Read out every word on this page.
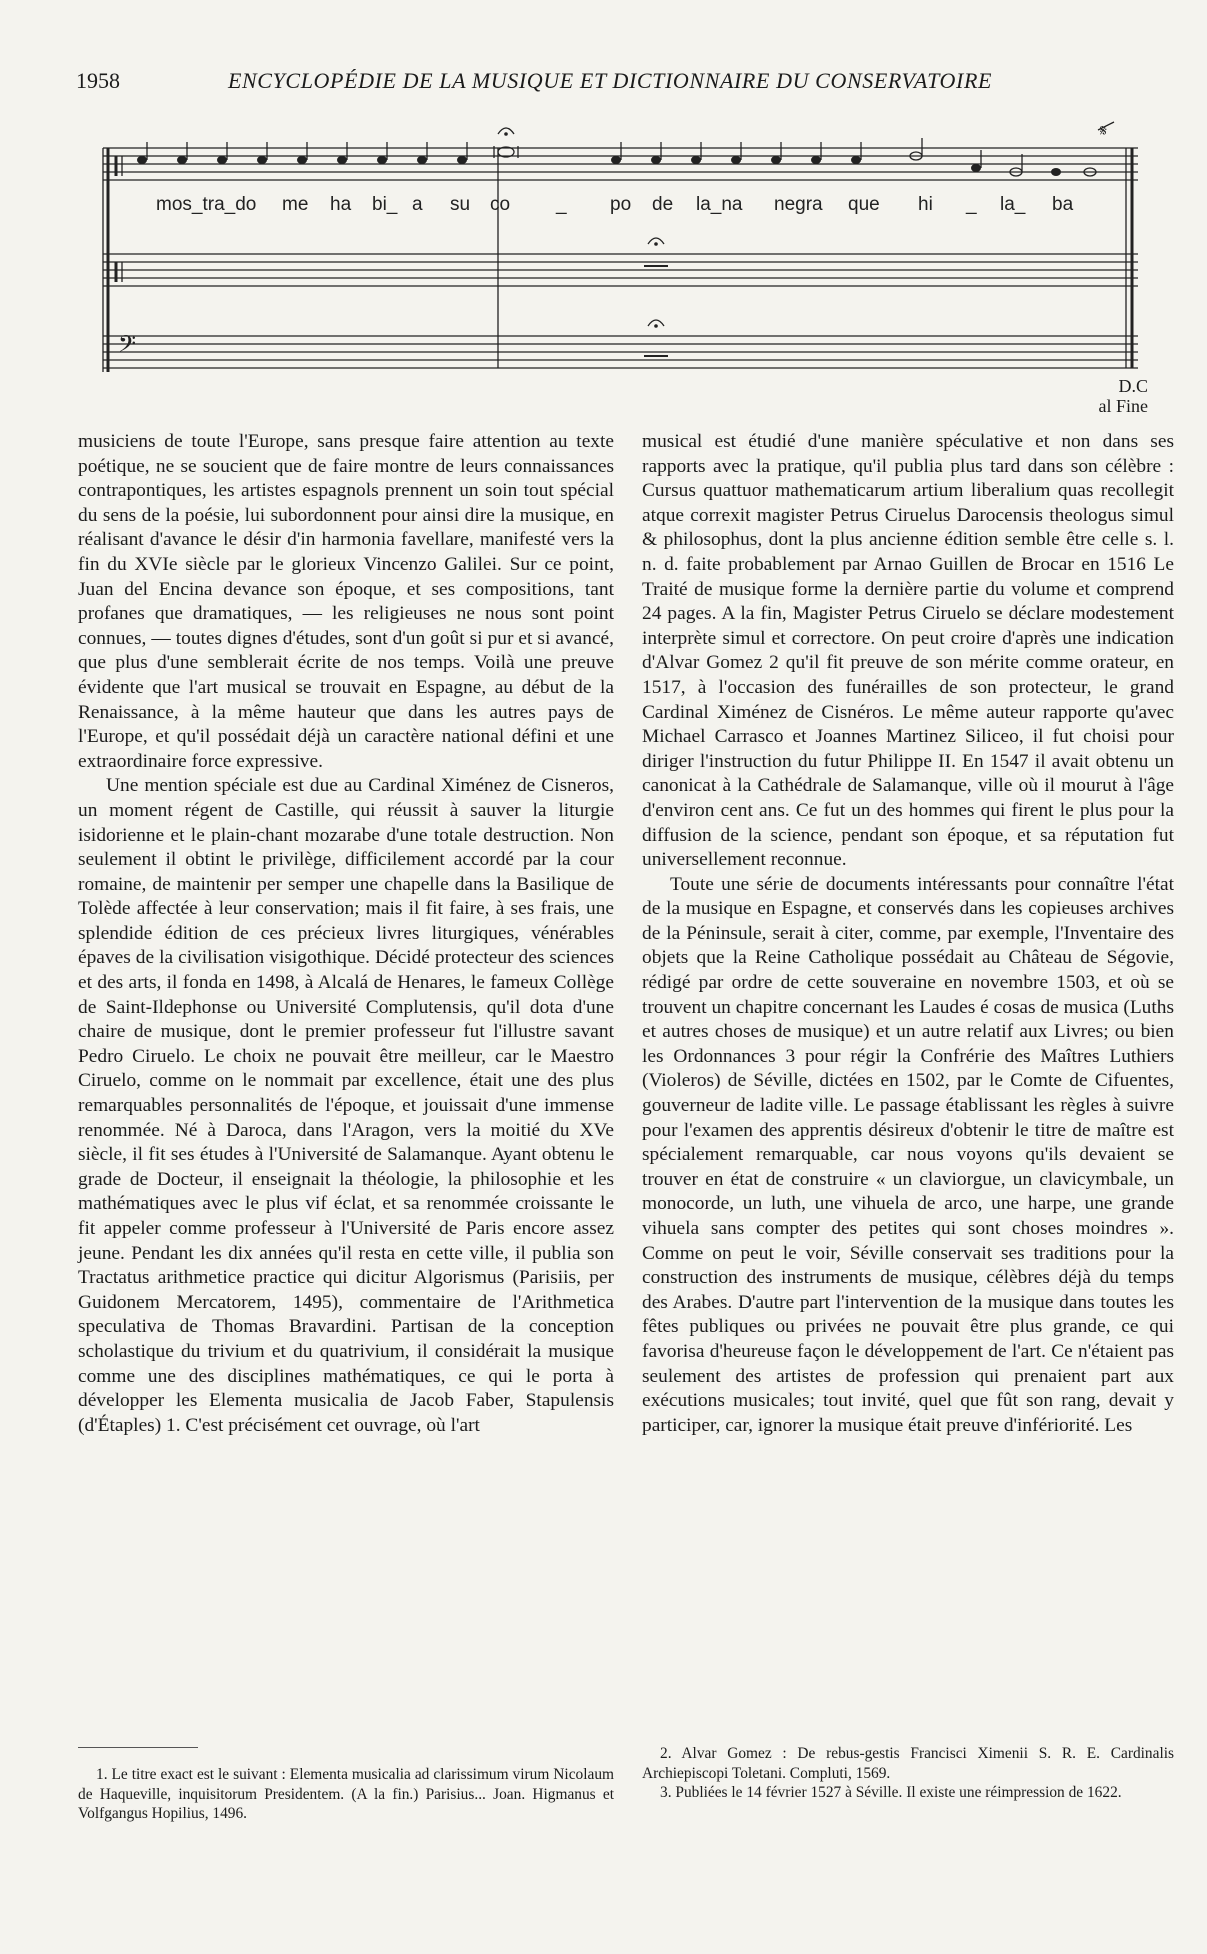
1958	ENCYCLOPÉDIE DE LA MUSIQUE ET DICTIONNAIRE DU CONSERVATOIRE
𝄋
𝄢
mos_tra_do me ha bi_ a su co _ po de la_na negra que hi _ la_ ba
D.C
al Fine

musiciens de toute l'Europe, sans presque faire attention au texte poétique, ne se soucient que de faire montre de leurs connaissances contrapontiques, les artistes espagnols prennent un soin tout spécial du sens de la poésie, lui subordonnent pour ainsi dire la musique, en réalisant d'avance le désir d'in harmonia favellare, manifesté vers la fin du XVIe siècle par le glorieux Vincenzo Galilei. Sur ce point, Juan del Encina devance son époque, et ses compositions, tant profanes que dramatiques, — les religieuses ne nous sont point connues, — toutes dignes d'études, sont d'un goût si pur et si avancé, que plus d'une semblerait écrite de nos temps. Voilà une preuve évidente que l'art musical se trouvait en Espagne, au début de la Renaissance, à la même hauteur que dans les autres pays de l'Europe, et qu'il possédait déjà un caractère national défini et une extraordinaire force expressive.

Une mention spéciale est due au Cardinal Ximénez de Cisneros, un moment régent de Castille, qui réussit à sauver la liturgie isidorienne et le plain-chant mozarabe d'une totale destruction. Non seulement il obtint le privilège, difficilement accordé par la cour romaine, de maintenir per semper une chapelle dans la Basilique de Tolède affectée à leur conservation; mais il fit faire, à ses frais, une splendide édition de ces précieux livres liturgiques, vénérables épaves de la civilisation visigothique. Décidé protecteur des sciences et des arts, il fonda en 1498, à Alcalá de Henares, le fameux Collège de Saint-Ildephonse ou Université Complutensis, qu'il dota d'une chaire de musique, dont le premier professeur fut l'illustre savant Pedro Ciruelo. Le choix ne pouvait être meilleur, car le Maestro Ciruelo, comme on le nommait par excellence, était une des plus remarquables personnalités de l'époque, et jouissait d'une immense renommée. Né à Daroca, dans l'Aragon, vers la moitié du XVe siècle, il fit ses études à l'Université de Salamanque. Ayant obtenu le grade de Docteur, il enseignait la théologie, la philosophie et les mathématiques avec le plus vif éclat, et sa renommée croissante le fit appeler comme professeur à l'Université de Paris encore assez jeune. Pendant les dix années qu'il resta en cette ville, il publia son Tractatus arithmetice practice qui dicitur Algorismus (Parisiis, per Guidonem Mercatorem, 1495), commentaire de l'Arithmetica speculativa de Thomas Bravardini. Partisan de la conception scholastique du trivium et du quatrivium, il considérait la musique comme une des disciplines mathématiques, ce qui le porta à développer les Elementa musicalia de Jacob Faber, Stapulensis (d'Étaples) 1. C'est précisément cet ouvrage, où l'art

musical est étudié d'une manière spéculative et non dans ses rapports avec la pratique, qu'il publia plus tard dans son célèbre : Cursus quattuor mathematicarum artium liberalium quas recollegit atque correxit magister Petrus Ciruelus Darocensis theologus simul & philosophus, dont la plus ancienne édition semble être celle s. l. n. d. faite probablement par Arnao Guillen de Brocar en 1516 Le Traité de musique forme la dernière partie du volume et comprend 24 pages. A la fin, Magister Petrus Ciruelo se déclare modestement interprète simul et correctore. On peut croire d'après une indication d'Alvar Gomez 2 qu'il fit preuve de son mérite comme orateur, en 1517, à l'occasion des funérailles de son protecteur, le grand Cardinal Ximénez de Cisnéros. Le même auteur rapporte qu'avec Michael Carrasco et Joannes Martinez Siliceo, il fut choisi pour diriger l'instruction du futur Philippe II. En 1547 il avait obtenu un canonicat à la Cathédrale de Salamanque, ville où il mourut à l'âge d'environ cent ans. Ce fut un des hommes qui firent le plus pour la diffusion de la science, pendant son époque, et sa réputation fut universellement reconnue.

Toute une série de documents intéressants pour connaître l'état de la musique en Espagne, et conservés dans les copieuses archives de la Péninsule, serait à citer, comme, par exemple, l'Inventaire des objets que la Reine Catholique possédait au Château de Ségovie, rédigé par ordre de cette souveraine en novembre 1503, et où se trouvent un chapitre concernant les Laudes é cosas de musica (Luths et autres choses de musique) et un autre relatif aux Livres; ou bien les Ordonnances 3 pour régir la Confrérie des Maîtres Luthiers (Violeros) de Séville, dictées en 1502, par le Comte de Cifuentes, gouverneur de ladite ville. Le passage établissant les règles à suivre pour l'examen des apprentis désireux d'obtenir le titre de maître est spécialement remarquable, car nous voyons qu'ils devaient se trouver en état de construire « un claviorgue, un clavicymbale, un monocorde, un luth, une vihuela de arco, une harpe, une grande vihuela sans compter des petites qui sont choses moindres ». Comme on peut le voir, Séville conservait ses traditions pour la construction des instruments de musique, célèbres déjà du temps des Arabes. D'autre part l'intervention de la musique dans toutes les fêtes publiques ou privées ne pouvait être plus grande, ce qui favorisa d'heureuse façon le développement de l'art. Ce n'étaient pas seulement des artistes de profession qui prenaient part aux exécutions musicales; tout invité, quel que fût son rang, devait y participer, car, ignorer la musique était preuve d'infériorité. Les

1. Le titre exact est le suivant : Elementa musicalia ad clarissimum virum Nicolaum de Haqueville, inquisitorum Presidentem. (A la fin.) Parisius... Joan. Higmanus et Volfgangus Hopilius, 1496.

2. Alvar Gomez : De rebus-gestis Francisci Ximenii S. R. E. Cardinalis Archiepiscopi Toletani. Compluti, 1569.

3. Publiées le 14 février 1527 à Séville. Il existe une réimpression de 1622.
